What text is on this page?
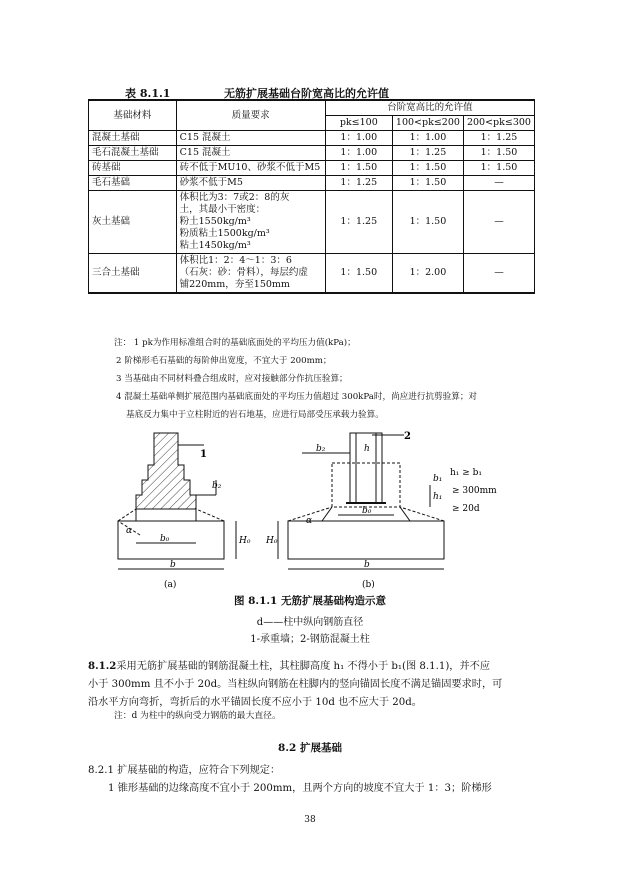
表 8.1.1	无筋扩展基础台阶宽高比的允许值
基础材料	质量要求	台阶宽高比的允许值		
		pk≤100	100<pk≤200	200<pk≤300
混凝土基础	C15 混凝土	1：1.00	1：1.00	1：1.25
毛石混凝土基础	C15 混凝土	1：1.00	1：1.25	1：1.50
砖基础	砖不低于MU10、砂浆不低于M5	1：1.50	1：1.50	1：1.50
毛石基础	砂浆不低于M5	1：1.25	1：1.50	—
灰土基础	体积比为3：7或2：8的灰
土，其最小干密度：
粉土1550kg/m³
粉质粘土1500kg/m³
粘土1450kg/m³	1：1.25	1：1.50	—
三合土基础	体积比1：2：4～1：3：6
（石灰：砂：骨料），每层约虚
铺220mm，夯至150mm	1：1.50	1：2.00	—
注： 1 pk为作用标准组合时的基础底面处的平均压力值(kPa)；
2 阶梯形毛石基础的每阶伸出宽度，不宜大于 200mm；
3 当基础由不同材料叠合组成时，应对接触部分作抗压验算；
4 混凝土基础单侧扩展范围内基础底面处的平均压力值超过 300kPa时，尚应进行抗剪验算；对
基底反力集中于立柱附近的岩石地基，应进行局部受压承载力验算。
1
b₂
b₀
b
H₀
α
(a)
2
b₂	h
b₀
b
H₀
h₁
b₁
α
h₁ ≥ b₁
≥ 300mm
≥ 20d
(b)
图 8.1.1 无筋扩展基础构造示意
d——柱中纵向钢筋直径
1-承重墙；2-钢筋混凝土柱
8.1.2采用无筋扩展基础的钢筋混凝土柱，其柱脚高度 h₁ 不得小于 b₁(图 8.1.1)，并不应
小于 300mm 且不小于 20d。当柱纵向钢筋在柱脚内的竖向锚固长度不满足锚固要求时，可
沿水平方向弯折，弯折后的水平锚固长度不应小于 10d 也不应大于 20d。
注：d 为柱中的纵向受力钢筋的最大直径。
8.2 扩展基础
8.2.1 扩展基础的构造，应符合下列规定：
1 锥形基础的边缘高度不宜小于 200mm，且两个方向的坡度不宜大于 1：3；阶梯形
38
